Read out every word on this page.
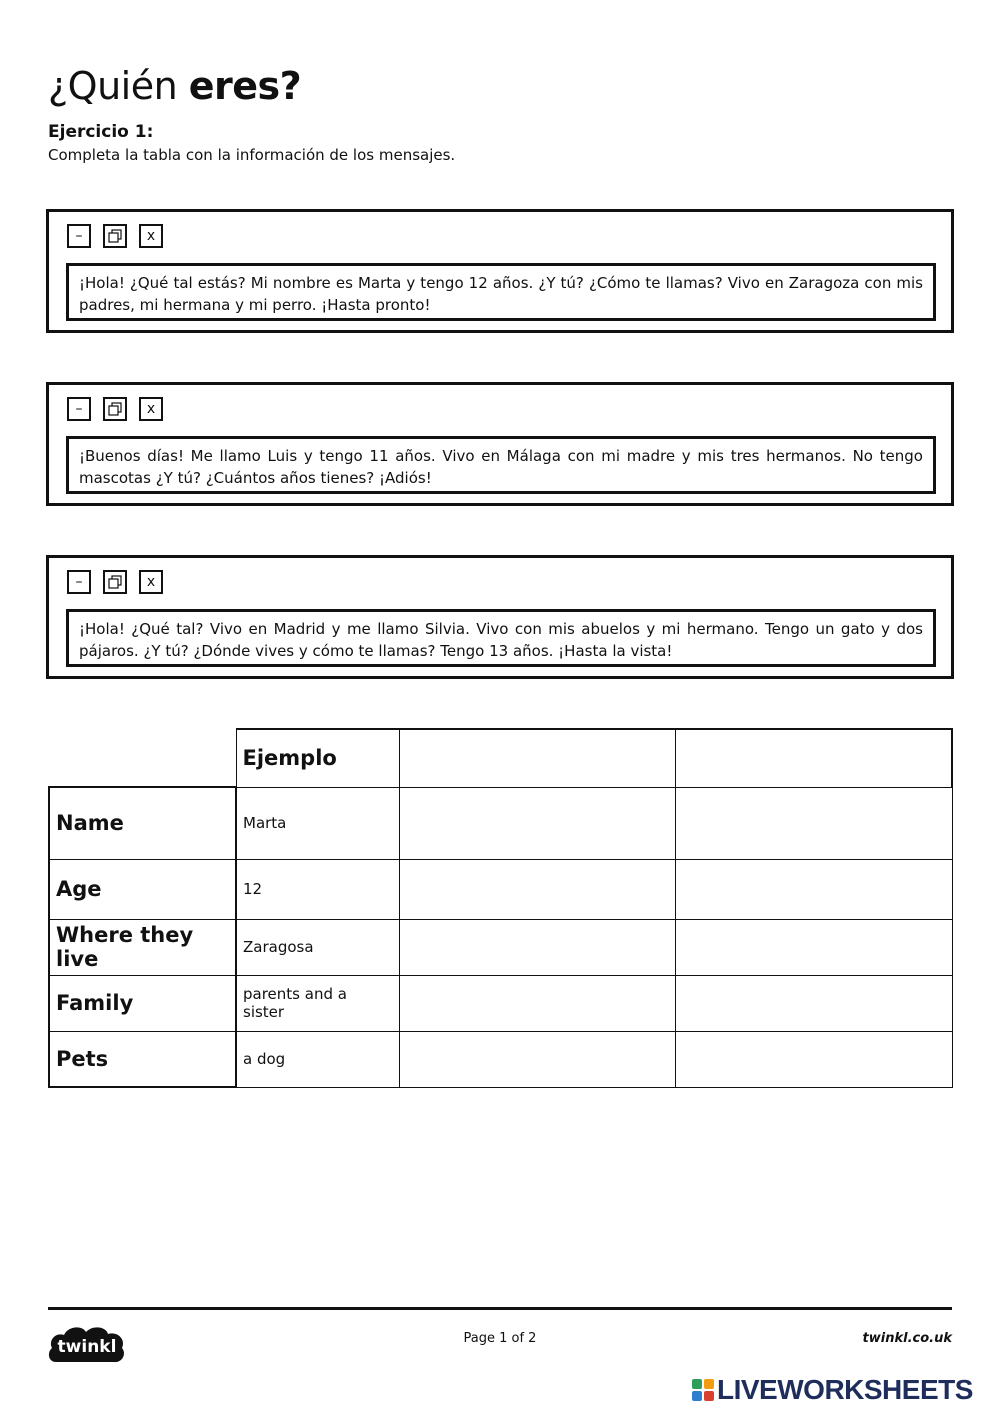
¿Quién eres?
Ejercicio 1:
Completa la tabla con la información de los mensajes.
–	x
¡Hola! ¿Qué tal estás? Mi nombre es Marta y tengo 12 años. ¿Y tú? ¿Cómo te llamas? Vivo en Zaragoza con mis padres, mi hermana y mi perro. ¡Hasta pronto!
–	x
¡Buenos días! Me llamo Luis y tengo 11 años. Vivo en Málaga con mi madre y mis tres hermanos. No tengo mascotas ¿Y tú? ¿Cuántos años tienes? ¡Adiós!
–	x
¡Hola! ¿Qué tal? Vivo en Madrid y me llamo Silvia. Vivo con mis abuelos y mi hermano. Tengo un gato y dos pájaros. ¿Y tú? ¿Dónde vives y cómo te llamas? Tengo 13 años. ¡Hasta la vista!
	Ejemplo		
Name	Marta		
Age	12		
Where they live	Zaragosa		
Family	parents and a sister		
Pets	a dog		
twinkl	Page 1 of 2	twinkl.co.uk
LIVEWORKSHEETS
